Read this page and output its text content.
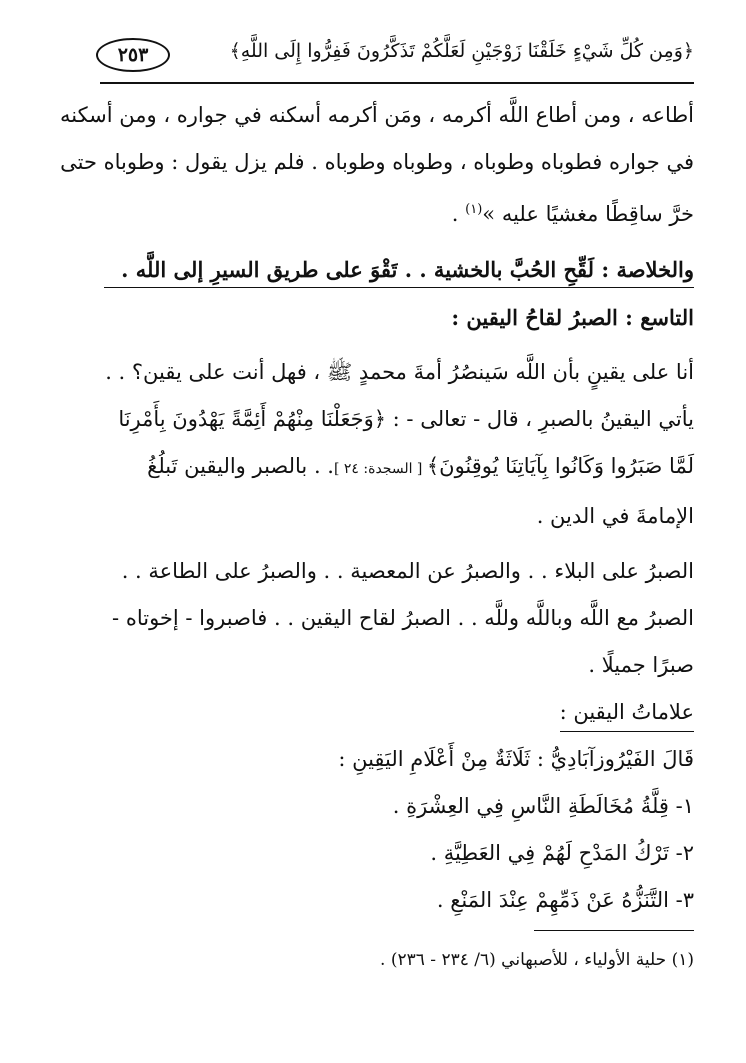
﴿وَمِن كُلِّ شَيْءٍ خَلَقْنَا زَوْجَيْنِ لَعَلَّكُمْ تَذَكَّرُونَ فَفِرُّوا إِلَى اللَّهِ﴾
٢٥٣
أطاعه ، ومن أطاع اللَّه أكرمه ، ومَن أكرمه أسكنه في جواره ، ومن أسكنه
في جواره فطوباه وطوباه ، وطوباه وطوباه . فلم يزل يقول : وطوباه حتى
خرَّ ساقِطًا مغشيًا عليه »$^{(١)}$ .
والخلاصة : لَقِّحِ الحُبَّ بالخشية . . تَقْوَ على طريق السيرِ إلى اللَّه .
التاسع : الصبرُ لقاحُ اليقين :
أنا على يقينٍ بأن اللَّه سَينصُرُ أمةَ محمدٍ ﷺ ، فهل أنت على يقين؟ . .
يأتي اليقينُ بالصبرِ ، قال - تعالى - : ﴿وَجَعَلْنَا مِنْهُمْ أَئِمَّةً يَهْدُونَ بِأَمْرِنَا
لَمَّا صَبَرُوا وَكَانُوا بِآيَاتِنَا يُوقِنُونَ﴾ [ السجدة: ٢٤ ]. . بالصبر واليقين تَبلُغُ
الإمامةَ في الدين .
الصبرُ على البلاء . . والصبرُ عن المعصية . . والصبرُ على الطاعة . .
الصبرُ مع اللَّه وباللَّه وللَّه . . الصبرُ لقاح اليقين . . فاصبروا - إخوتاه -
صبرًا جميلًا .
علاماتُ اليقين :
قَالَ الفَيْرُوزآبَادِيُّ : ثَلَاثَةٌ مِنْ أَعْلَامِ اليَقِينِ :
١- قِلَّةُ مُخَالَطَةِ النَّاسِ فِي العِشْرَةِ .
٢- تَرْكُ المَدْحِ لَهُمْ فِي العَطِيَّةِ .
٣- التَّنَزُّهُ عَنْ ذَمِّهِمْ عِنْدَ المَنْعِ .
(١) حلية الأولياء ، للأصبهاني (٦/ ٢٣٤ - ٢٣٦) .
